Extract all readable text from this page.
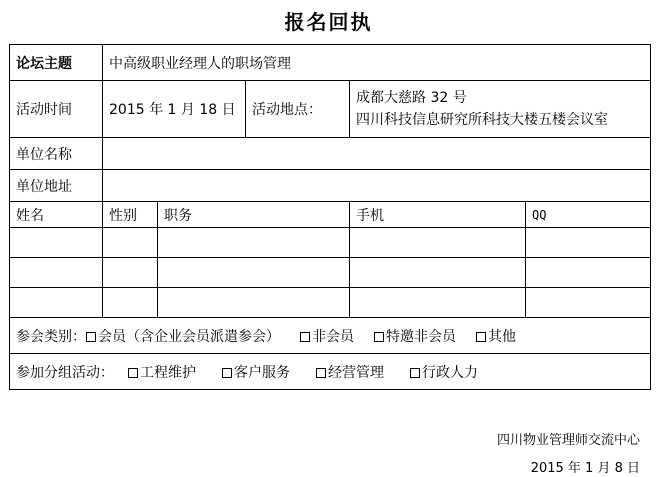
报名回执
论坛主题	中高级职业经理人的职场管理				
活动时间	2015 年 1 月 18 日		活动地点：	成都大慈路 32 号
四川科技信息研究所科技大楼五楼会议室	

单位名称					
单位地址					
姓名	性别	职务		手机	QQ

参会类别： 会员（含企业会员派遣参会） 非会员 特邀非会员 其他					
参加分组活动： 工程维护 客户服务 经营管理 行政人力					
四川物业管理师交流中心
2015 年 1 月 8 日
